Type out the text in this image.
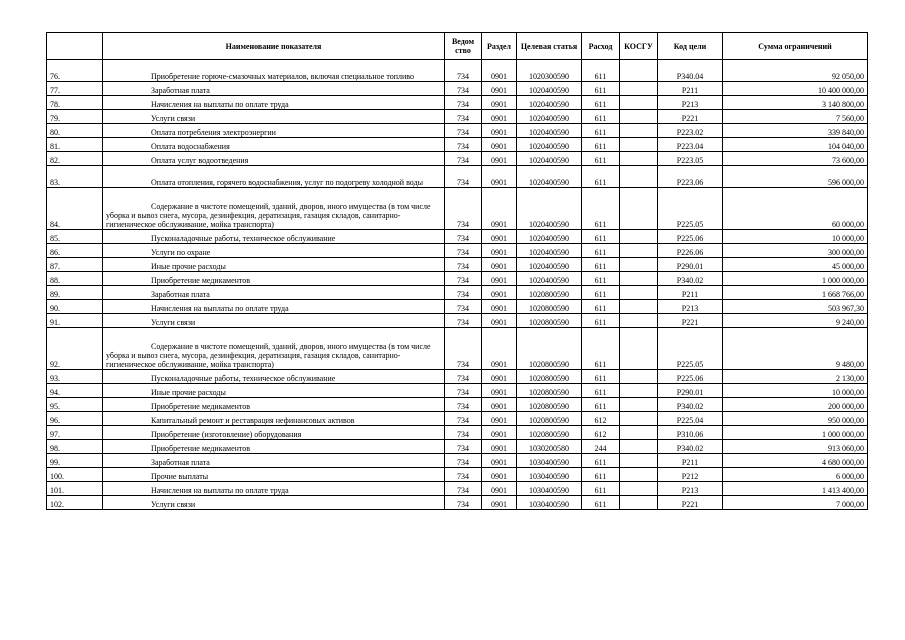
	Наименование показателя	Ведом ство	Раздел	Целевая статья	Расход	КОСГУ	Код цели	Сумма ограничений
76.	Приобретение горюче-смазочных материалов, включая специальное топливо	734	0901	1020300590	611		Р340.04	92 050,00
77.	Заработная плата	734	0901	1020400590	611		Р211	10 400 000,00
78.	Начисления на выплаты по оплате труда	734	0901	1020400590	611		Р213	3 140 800,00
79.	Услуги связи	734	0901	1020400590	611		Р221	7 560,00
80.	Оплата потребления электроэнергии	734	0901	1020400590	611		Р223.02	339 840,00
81.	Оплата водоснабжения	734	0901	1020400590	611		Р223.04	104 040,00
82.	Оплата услуг водоотведения	734	0901	1020400590	611		Р223.05	73 600,00
83.	Оплата отопления, горячего водоснабжения, услуг по подогреву холодной воды	734	0901	1020400590	611		Р223.06	596 000,00
84.	Содержание в чистоте помещений, зданий, дворов, иного имущества (в том числе уборка и вывоз снега, мусора, дезинфекция, дератизация, газация складов, санитарно-гигиеническое обслуживание, мойка транспорта)	734	0901	1020400590	611		Р225.05	60 000,00
85.	Пусконаладочные работы, техническое обслуживание	734	0901	1020400590	611		Р225.06	10 000,00
86.	Услуги по охране	734	0901	1020400590	611		Р226.06	300 000,00
87.	Иные прочие расходы	734	0901	1020400590	611		Р290.01	45 000,00
88.	Приобретение медикаментов	734	0901	1020400590	611		Р340.02	1 000 000,00
89.	Заработная плата	734	0901	1020800590	611		Р211	1 668 766,00
90.	Начисления на выплаты по оплате труда	734	0901	1020800590	611		Р213	503 967,30
91.	Услуги связи	734	0901	1020800590	611		Р221	9 240,00
92.	Содержание в чистоте помещений, зданий, дворов, иного имущества (в том числе уборка и вывоз снега, мусора, дезинфекция, дератизация, газация складов, санитарно-гигиеническое обслуживание, мойка транспорта)	734	0901	1020800590	611		Р225.05	9 480,00
93.	Пусконаладочные работы, техническое обслуживание	734	0901	1020800590	611		Р225.06	2 130,00
94.	Иные прочие расходы	734	0901	1020800590	611		Р290.01	10 000,00
95.	Приобретение медикаментов	734	0901	1020800590	611		Р340.02	200 000,00
96.	Капитальный ремонт и реставрация нефинансовых активов	734	0901	1020800590	612		Р225.04	950 000,00
97.	Приобретение (изготовление) оборудования	734	0901	1020800590	612		Р310.06	1 000 000,00
98.	Приобретение медикаментов	734	0901	1030200580	244		Р340.02	913 060,00
99.	Заработная плата	734	0901	1030400590	611		Р211	4 680 000,00
100.	Прочие выплаты	734	0901	1030400590	611		Р212	6 000,00
101.	Начисления на выплаты по оплате труда	734	0901	1030400590	611		Р213	1 413 400,00
102.	Услуги связи	734	0901	1030400590	611		Р221	7 000,00
